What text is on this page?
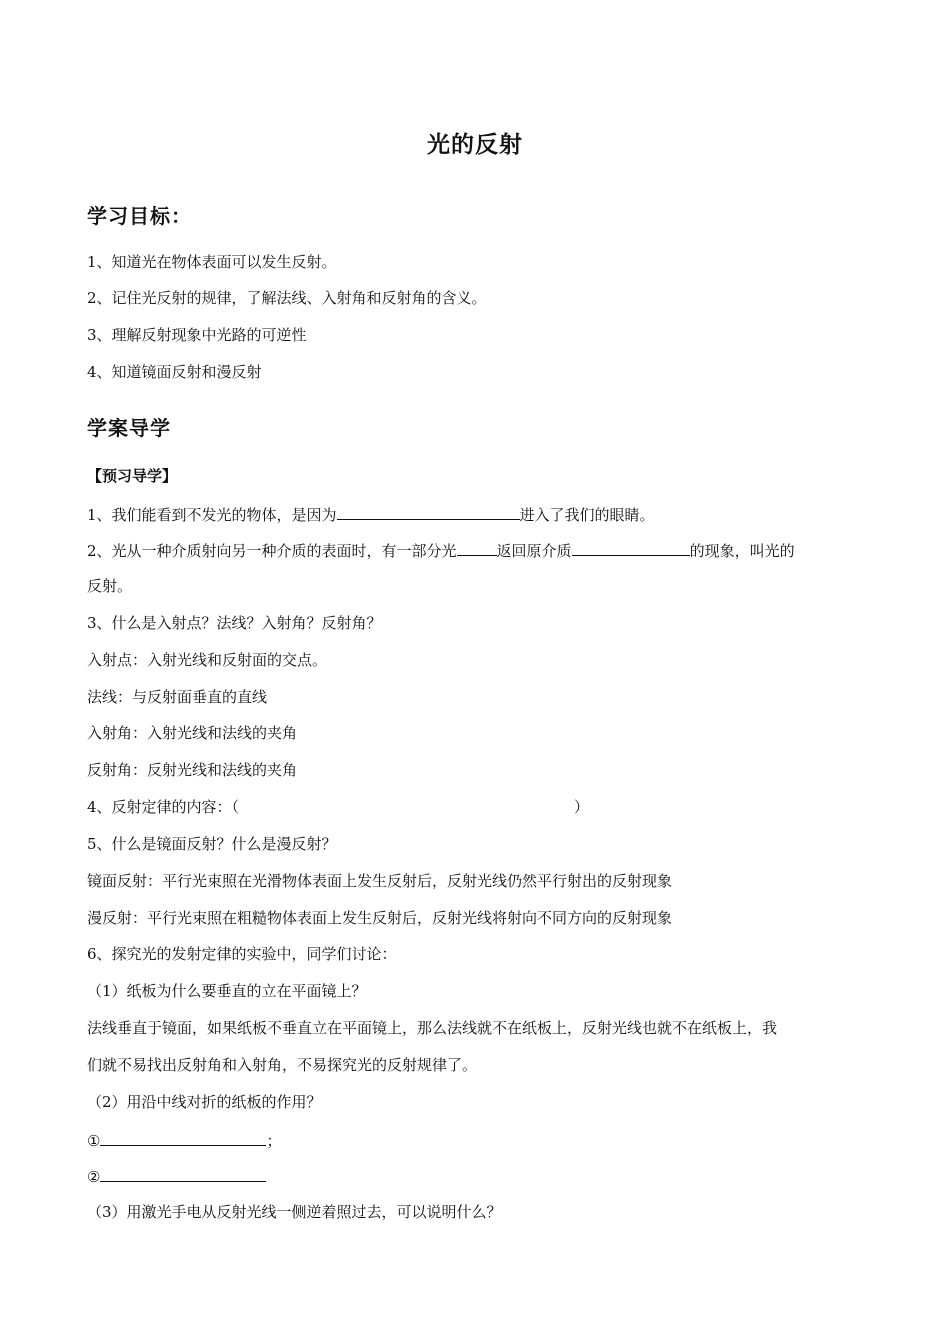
光的反射
学习目标：
1、知道光在物体表面可以发生反射。
2、记住光反射的规律，了解法线、入射角和反射角的含义。
3、理解反射现象中光路的可逆性
4、知道镜面反射和漫反射
学案导学
【预习导学】
1、我们能看到不发光的物体，是因为	进入了我们的眼睛。
2、光从一种介质射向另一种介质的表面时，有一部分光	返回原介质	的现象，叫光的
反射。
3、什么是入射点？法线？入射角？反射角？
入射点：入射光线和反射面的交点。
法线：与反射面垂直的直线
入射角：入射光线和法线的夹角
反射角：反射光线和法线的夹角
4、反射定律的内容：（	）
5、什么是镜面反射？什么是漫反射？
镜面反射：平行光束照在光滑物体表面上发生反射后，反射光线仍然平行射出的反射现象
漫反射：平行光束照在粗糙物体表面上发生反射后，反射光线将射向不同方向的反射现象
6、探究光的发射定律的实验中，同学们讨论：
（1）纸板为什么要垂直的立在平面镜上？
法线垂直于镜面，如果纸板不垂直立在平面镜上，那么法线就不在纸板上，反射光线也就不在纸板上，我
们就不易找出反射角和入射角，不易探究光的反射规律了。
（2）用沿中线对折的纸板的作用？
①	；
②
（3）用激光手电从反射光线一侧逆着照过去，可以说明什么？
